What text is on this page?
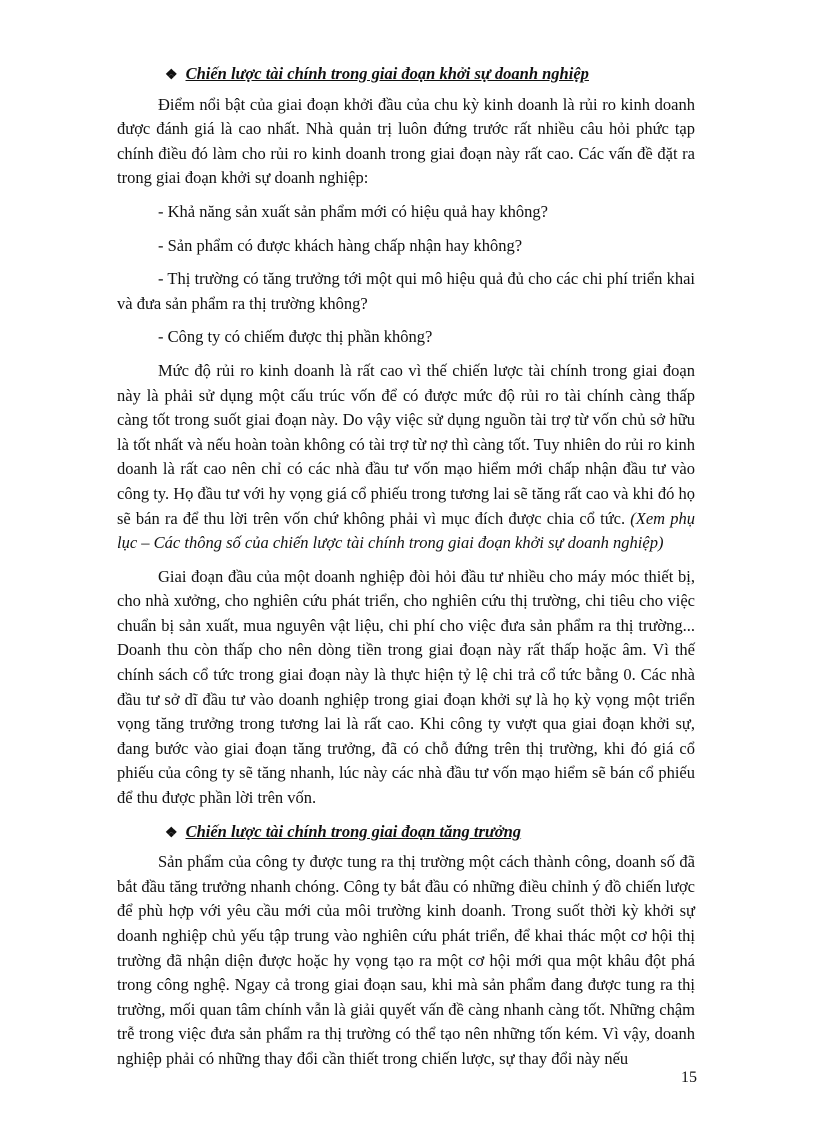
❖ Chiến lược tài chính trong giai đoạn khởi sự doanh nghiệp

Điểm nổi bật của giai đoạn khởi đầu của chu kỳ kinh doanh là rủi ro kinh doanh được đánh giá là cao nhất. Nhà quản trị luôn đứng trước rất nhiều câu hỏi phức tạp chính điều đó làm cho rủi ro kinh doanh trong giai đoạn này rất cao. Các vấn đề đặt ra trong giai đoạn khởi sự doanh nghiệp:

- Khả năng sản xuất sản phẩm mới có hiệu quả hay không?

- Sản phẩm có được khách hàng chấp nhận hay không?

- Thị trường có tăng trưởng tới một qui mô hiệu quả đủ cho các chi phí triển khai và đưa sản phẩm ra thị trường không?

- Công ty có chiếm được thị phần không?

Mức độ rủi ro kinh doanh là rất cao vì thế chiến lược tài chính trong giai đoạn này là phải sử dụng một cấu trúc vốn để có được mức độ rủi ro tài chính càng thấp càng tốt trong suốt giai đoạn này. Do vậy việc sử dụng nguồn tài trợ từ vốn chủ sở hữu là tốt nhất và nếu hoàn toàn không có tài trợ từ nợ thì càng tốt. Tuy nhiên do rủi ro kinh doanh là rất cao nên chỉ có các nhà đầu tư vốn mạo hiểm mới chấp nhận đầu tư vào công ty. Họ đầu tư với hy vọng giá cổ phiếu trong tương lai sẽ tăng rất cao và khi đó họ sẽ bán ra để thu lời trên vốn chứ không phải vì mục đích được chia cổ tức. (Xem phụ lục – Các thông số của chiến lược tài chính trong giai đoạn khởi sự doanh nghiệp)

Giai đoạn đầu của một doanh nghiệp đòi hỏi đầu tư nhiều cho máy móc thiết bị, cho nhà xưởng, cho nghiên cứu phát triển, cho nghiên cứu thị trường, chi tiêu cho việc chuẩn bị sản xuất, mua nguyên vật liệu, chi phí cho việc đưa sản phẩm ra thị trường... Doanh thu còn thấp cho nên dòng tiền trong giai đoạn này rất thấp hoặc âm. Vì thế chính sách cổ tức trong giai đoạn này là thực hiện tỷ lệ chi trả cổ tức bằng 0. Các nhà đầu tư sở dĩ đầu tư vào doanh nghiệp trong giai đoạn khởi sự là họ kỳ vọng một triển vọng tăng trưởng trong tương lai là rất cao. Khi công ty vượt qua giai đoạn khởi sự, đang bước vào giai đoạn tăng trưởng, đã có chỗ đứng trên thị trường, khi đó giá cổ phiếu của công ty sẽ tăng nhanh, lúc này các nhà đầu tư vốn mạo hiểm sẽ bán cổ phiếu để thu được phần lời trên vốn.

❖ Chiến lược tài chính trong giai đoạn tăng trưởng

Sản phẩm của công ty được tung ra thị trường một cách thành công, doanh số đã bắt đầu tăng trưởng nhanh chóng. Công ty bắt đầu có những điều chỉnh ý đồ chiến lược để phù hợp với yêu cầu mới của môi trường kinh doanh. Trong suốt thời kỳ khởi sự doanh nghiệp chủ yếu tập trung vào nghiên cứu phát triển, để khai thác một cơ hội thị trường đã nhận diện được hoặc hy vọng tạo ra một cơ hội mới qua một khâu đột phá trong công nghệ. Ngay cả trong giai đoạn sau, khi mà sản phẩm đang được tung ra thị trường, mối quan tâm chính vẫn là giải quyết vấn đề càng nhanh càng tốt. Những chậm trễ trong việc đưa sản phẩm ra thị trường có thể tạo nên những tốn kém. Vì vậy, doanh nghiệp phải có những thay đổi cần thiết trong chiến lược, sự thay đổi này nếu

15
